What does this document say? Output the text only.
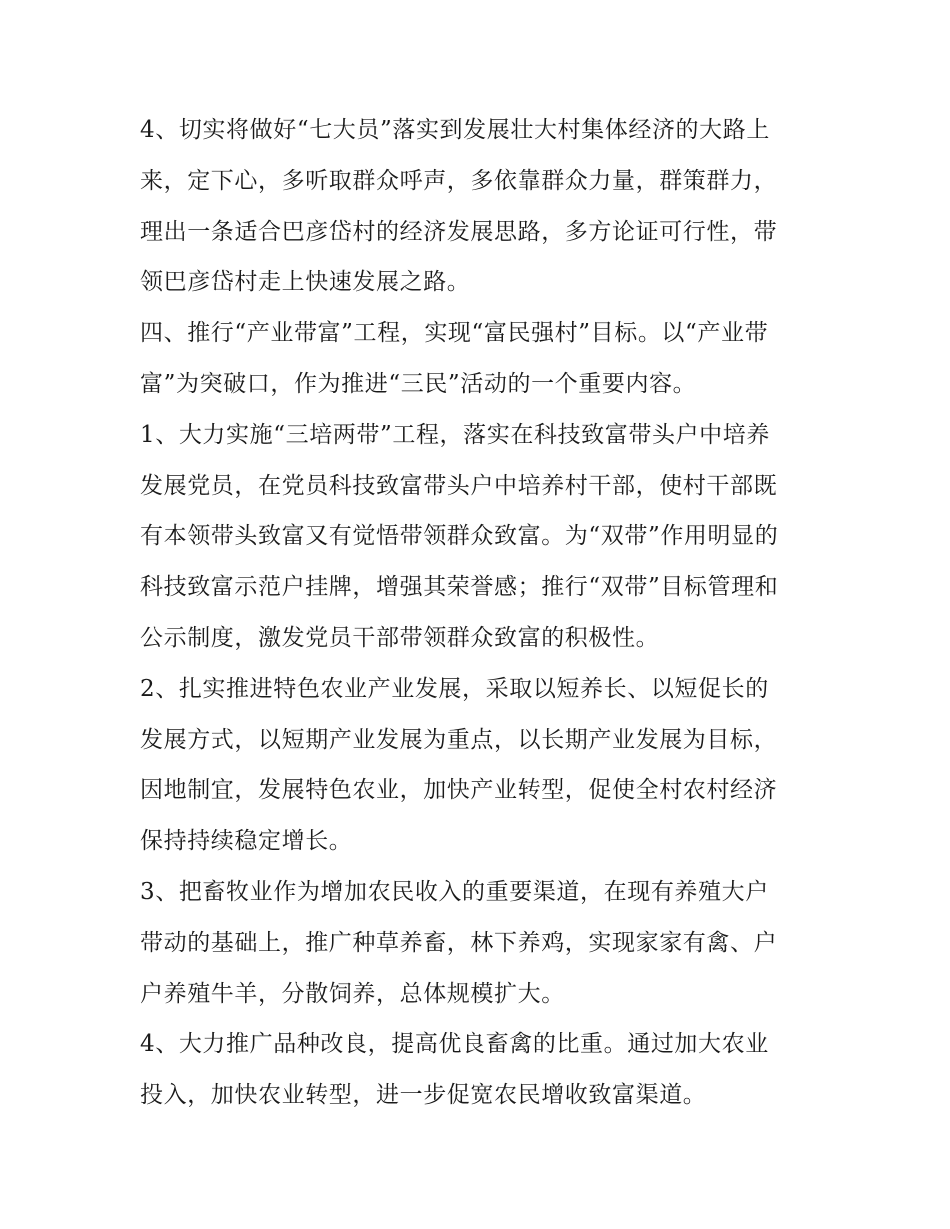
4、切实将做好“七大员”落实到发展壮大村集体经济的大路上
来，定下心，多听取群众呼声，多依靠群众力量，群策群力，
理出一条适合巴彦岱村的经济发展思路，多方论证可行性，带
领巴彦岱村走上快速发展之路。
四、推行“产业带富”工程，实现“富民强村”目标。以“产业带
富”为突破口，作为推进“三民”活动的一个重要内容。
1、大力实施“三培两带”工程，落实在科技致富带头户中培养
发展党员，在党员科技致富带头户中培养村干部，使村干部既
有本领带头致富又有觉悟带领群众致富。为“双带”作用明显的
科技致富示范户挂牌，增强其荣誉感；推行“双带”目标管理和
公示制度，激发党员干部带领群众致富的积极性。
2、扎实推进特色农业产业发展，采取以短养长、以短促长的
发展方式，以短期产业发展为重点，以长期产业发展为目标，
因地制宜，发展特色农业，加快产业转型，促使全村农村经济
保持持续稳定增长。
3、把畜牧业作为增加农民收入的重要渠道，在现有养殖大户
带动的基础上，推广种草养畜，林下养鸡，实现家家有禽、户
户养殖牛羊，分散饲养，总体规模扩大。
4、大力推广品种改良，提高优良畜禽的比重。通过加大农业
投入，加快农业转型，进一步促宽农民增收致富渠道。
